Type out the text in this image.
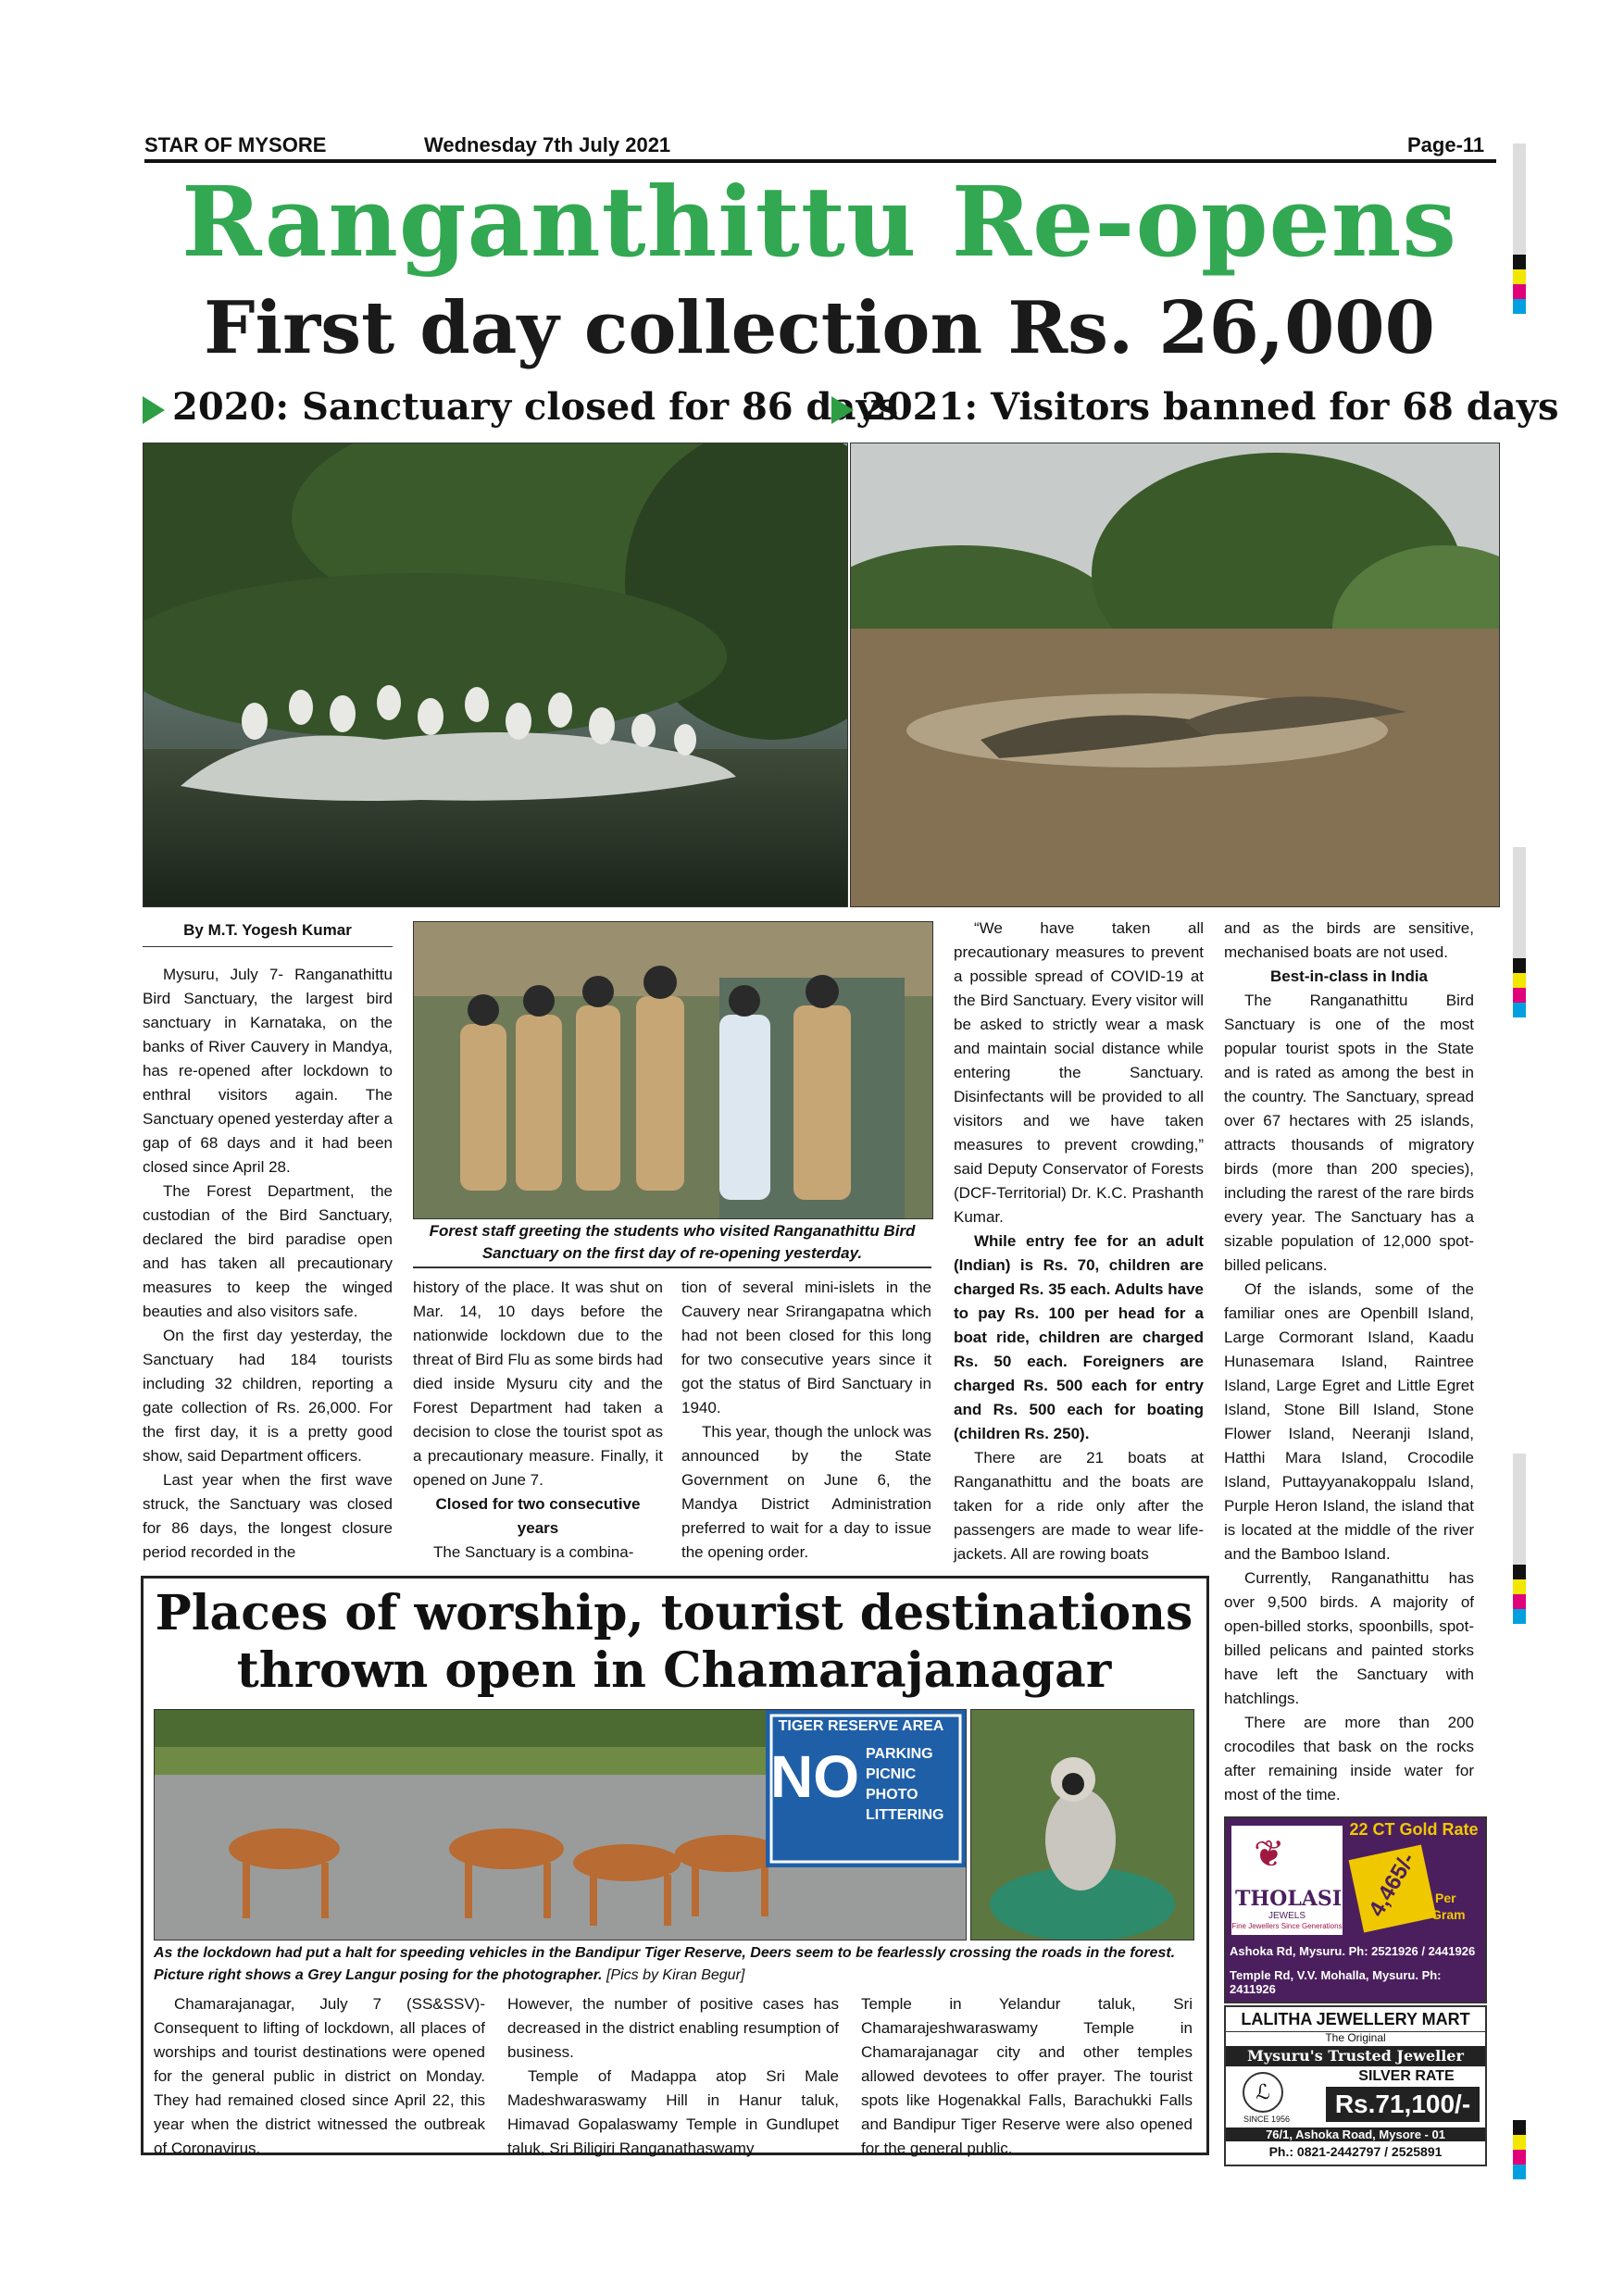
STAR OF MYSORE	Wednesday 7th July 2021	Page-11
Ranganthittu Re-opens
First day collection Rs. 26,000
2020: Sanctuary closed for 86 days
2021: Visitors banned for 68 days
By M.T. Yogesh Kumar

Mysuru, July 7- Ranganathittu Bird Sanctuary, the largest bird sanctuary in Karnataka, on the banks of River Cauvery in Mandya, has re-opened after lockdown to enthral visitors again. The Sanctuary opened yesterday after a gap of 68 days and it had been closed since April 28.

The Forest Department, the custodian of the Bird Sanctuary, declared the bird paradise open and has taken all precautionary measures to keep the winged beauties and also visitors safe.

On the first day yesterday, the Sanctuary had 184 tourists including 32 children, reporting a gate collection of Rs. 26,000. For the first day, it is a pretty good show, said Department officers.

Last year when the first wave struck, the Sanctuary was closed for 86 days, the longest closure period recorded in the

Forest staff greeting the students who visited Ranganathittu Bird Sanctuary on the first day of re-opening yesterday.

history of the place. It was shut on Mar. 14, 10 days before the nationwide lockdown due to the threat of Bird Flu as some birds had died inside Mysuru city and the Forest Department had taken a decision to close the tourist spot as a precautionary measure. Finally, it opened on June 7.

Closed for two consecutive years

The Sanctuary is a combina-

tion of several mini-islets in the Cauvery near Srirangapatna which had not been closed for this long for two consecutive years since it got the status of Bird Sanctuary in 1940.

This year, though the unlock was announced by the State Government on June 6, the Mandya District Administration preferred to wait for a day to issue the opening order.

“We have taken all precautionary measures to prevent a possible spread of COVID-19 at the Bird Sanctuary. Every visitor will be asked to strictly wear a mask and maintain social distance while entering the Sanctuary. Disinfectants will be provided to all visitors and we have taken measures to prevent crowding,” said Deputy Conservator of Forests (DCF-Territorial) Dr. K.C. Prashanth Kumar.

While entry fee for an adult (Indian) is Rs. 70, children are charged Rs. 35 each. Adults have to pay Rs. 100 per head for a boat ride, children are charged Rs. 50 each. Foreigners are charged Rs. 500 each for entry and Rs. 500 each for boating (children Rs. 250).

There are 21 boats at Ranganathittu and the boats are taken for a ride only after the passengers are made to wear life-jackets. All are rowing boats

and as the birds are sensitive, mechanised boats are not used.

Best-in-class in India

The Ranganathittu Bird Sanctuary is one of the most popular tourist spots in the State and is rated as among the best in the country. The Sanctuary, spread over 67 hectares with 25 islands, attracts thousands of migratory birds (more than 200 species), including the rarest of the rare birds every year. The Sanctuary has a sizable population of 12,000 spot-billed pelicans.

Of the islands, some of the familiar ones are Openbill Island, Large Cormorant Island, Kaadu Hunasemara Island, Raintree Island, Large Egret and Little Egret Island, Stone Bill Island, Stone Flower Island, Neeranji Island, Hatthi Mara Island, Crocodile Island, Puttayyanakoppalu Island, Purple Heron Island, the island that is located at the middle of the river and the Bamboo Island.

Currently, Ranganathittu has over 9,500 birds. A majority of open-billed storks, spoonbills, spot-billed pelicans and painted storks have left the Sanctuary with hatchlings.

There are more than 200 crocodiles that bask on the rocks after remaining inside water for most of the time.

Places of worship, tourist destinations
thrown open in Chamarajanagar
TIGER RESERVE AREA
NO PARKING
PICNIC
PHOTO
LITTERING
As the lockdown had put a halt for speeding vehicles in the Bandipur Tiger Reserve, Deers seem to be fearlessly crossing the roads in the forest. Picture right shows a Grey Langur posing for the photographer. [Pics by Kiran Begur]

Chamarajanagar, July 7 (SS&SSV)- Consequent to lifting of lockdown, all places of worships and tourist destinations were opened for the general public in district on Monday. They had remained closed since April 22, this year when the district witnessed the outbreak of Coronavirus.

However, the number of positive cases has decreased in the district enabling resumption of business.

Temple of Madappa atop Sri Male Madeshwaraswamy Hill in Hanur taluk, Himavad Gopalaswamy Temple in Gundlupet taluk, Sri Biligiri Ranganathaswamy

Temple in Yelandur taluk, Sri Chamarajeshwaraswamy Temple in Chamarajanagar city and other temples allowed devotees to offer prayer. The tourist spots like Hogenakkal Falls, Barachukki Falls and Bandipur Tiger Reserve were also opened for the general public.

❦
THOLASI
JEWELS
Fine Jewellers Since Generations
22 CT Gold Rate
4,465/-	Per
Gram
Ashoka Rd, Mysuru. Ph: 2521926 / 2441926
Temple Rd, V.V. Mohalla, Mysuru. Ph: 2411926
LALITHA JEWELLERY MART
The Original
Mysuru's Trusted Jeweller
SILVER RATE
ℒ
SINCE 1956
Rs.71,100/-
76/1, Ashoka Road, Mysore - 01
Ph.: 0821-2442797 / 2525891
